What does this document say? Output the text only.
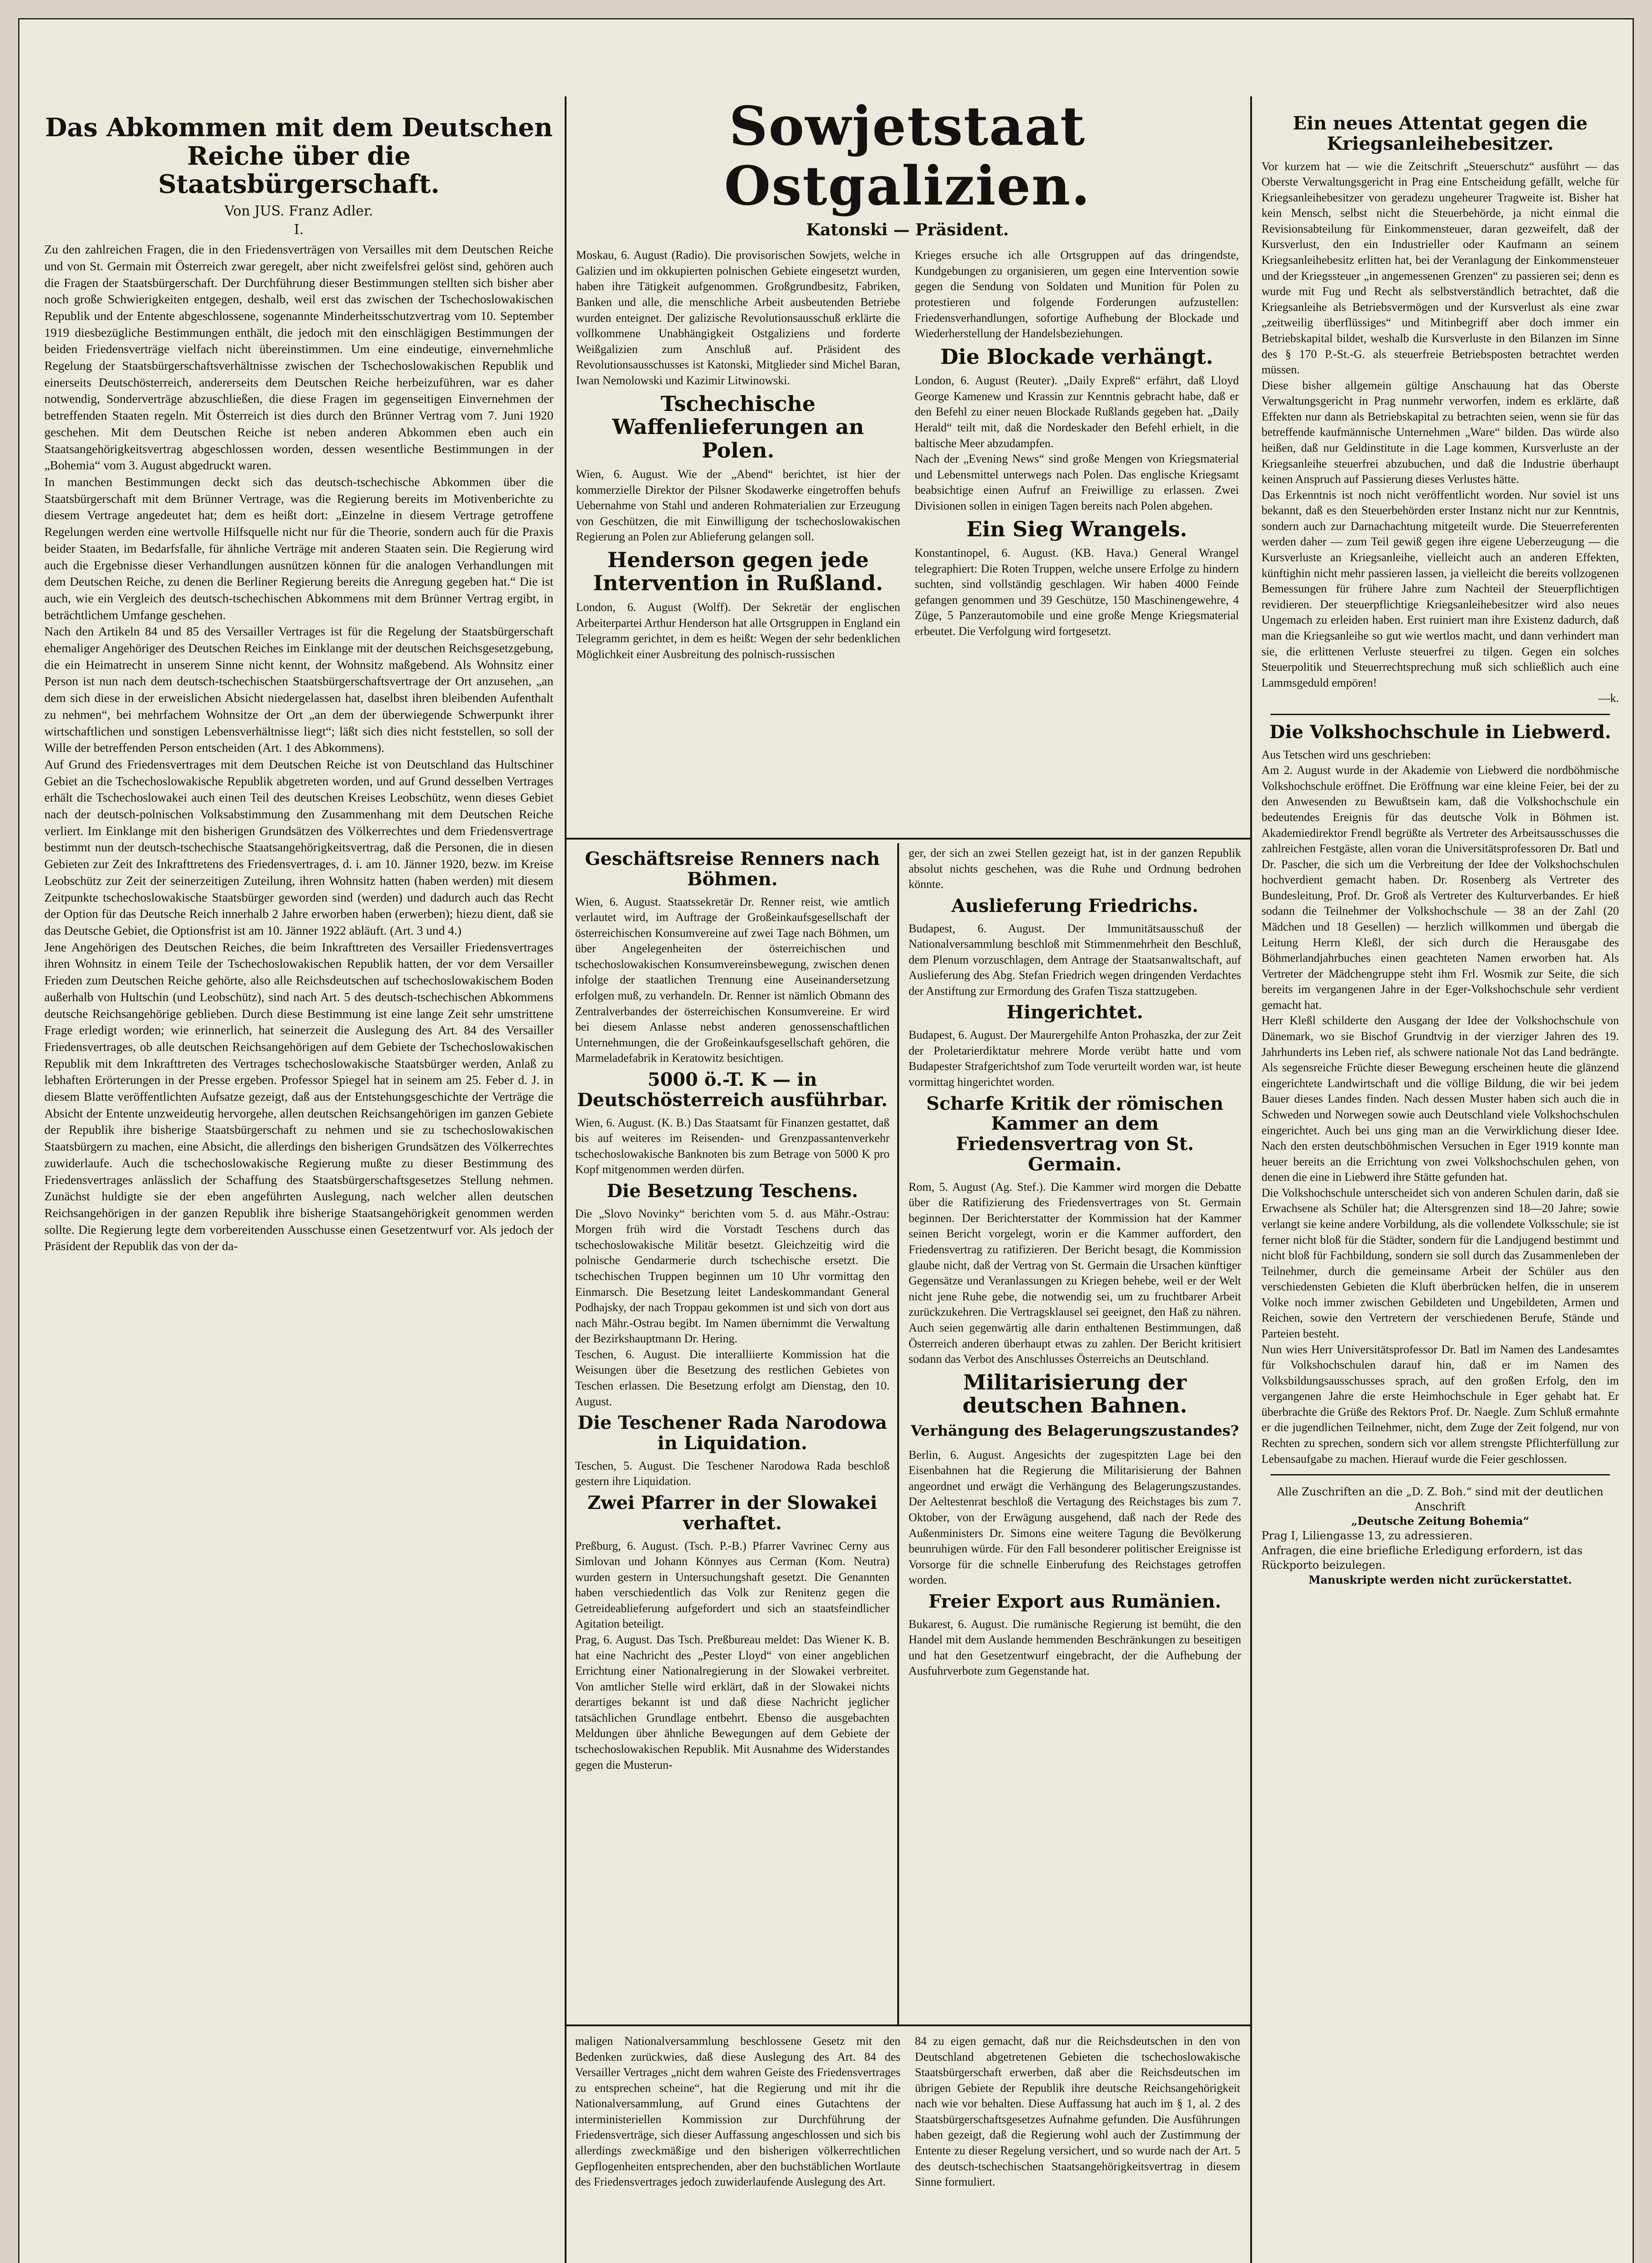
Das Abkommen mit dem Deutschen Reiche über die Staatsbürgerschaft.
Von JUS. Franz Adler.
I.

Zu den zahlreichen Fragen, die in den Friedensverträgen von Versailles mit dem Deutschen Reiche und von St. Germain mit Österreich zwar geregelt, aber nicht zweifelsfrei gelöst sind, gehören auch die Fragen der Staatsbürgerschaft. Der Durchführung dieser Bestimmungen stellten sich bisher aber noch große Schwierigkeiten entgegen, deshalb, weil erst das zwischen der Tschechoslowakischen Republik und der Entente abgeschlossene, sogenannte Minderheitsschutzvertrag vom 10. September 1919 diesbezügliche Bestimmungen enthält, die jedoch mit den einschlägigen Bestimmungen der beiden Friedensverträge vielfach nicht übereinstimmen. Um eine eindeutige, einvernehmliche Regelung der Staatsbürgerschaftsverhältnisse zwischen der Tschechoslowakischen Republik und einerseits Deutschösterreich, andererseits dem Deutschen Reiche herbeizuführen, war es daher notwendig, Sonderverträge abzuschließen, die diese Fragen im gegenseitigen Einvernehmen der betreffenden Staaten regeln. Mit Österreich ist dies durch den Brünner Vertrag vom 7. Juni 1920 geschehen. Mit dem Deutschen Reiche ist neben anderen Abkommen eben auch ein Staatsangehörigkeitsvertrag abgeschlossen worden, dessen wesentliche Bestimmungen in der „Bohemia“ vom 3. August abgedruckt waren.

In manchen Bestimmungen deckt sich das deutsch-tschechische Abkommen über die Staatsbürgerschaft mit dem Brünner Vertrage, was die Regierung bereits im Motivenberichte zu diesem Vertrage angedeutet hat; dem es heißt dort: „Einzelne in diesem Vertrage getroffene Regelungen werden eine wertvolle Hilfsquelle nicht nur für die Theorie, sondern auch für die Praxis beider Staaten, im Bedarfsfalle, für ähnliche Verträge mit anderen Staaten sein. Die Regierung wird auch die Ergebnisse dieser Verhandlungen ausnützen können für die analogen Verhandlungen mit dem Deutschen Reiche, zu denen die Berliner Regierung bereits die Anregung gegeben hat.“ Die ist auch, wie ein Vergleich des deutsch-tschechischen Abkommens mit dem Brünner Vertrag ergibt, in beträchtlichem Umfange geschehen.

Nach den Artikeln 84 und 85 des Versailler Vertrages ist für die Regelung der Staatsbürgerschaft ehemaliger Angehöriger des Deutschen Reiches im Einklange mit der deutschen Reichsgesetzgebung, die ein Heimatrecht in unserem Sinne nicht kennt, der Wohnsitz maßgebend. Als Wohnsitz einer Person ist nun nach dem deutsch-tschechischen Staatsbürgerschaftsvertrage der Ort anzusehen, „an dem sich diese in der erweislichen Absicht niedergelassen hat, daselbst ihren bleibenden Aufenthalt zu nehmen“, bei mehrfachem Wohnsitze der Ort „an dem der überwiegende Schwerpunkt ihrer wirtschaftlichen und sonstigen Lebensverhältnisse liegt“; läßt sich dies nicht feststellen, so soll der Wille der betreffenden Person entscheiden (Art. 1 des Abkommens).

Auf Grund des Friedensvertrages mit dem Deutschen Reiche ist von Deutschland das Hultschiner Gebiet an die Tschechoslowakische Republik abgetreten worden, und auf Grund desselben Vertrages erhält die Tschechoslowakei auch einen Teil des deutschen Kreises Leobschütz, wenn dieses Gebiet nach der deutsch-polnischen Volksabstimmung den Zusammenhang mit dem Deutschen Reiche verliert. Im Einklange mit den bisherigen Grundsätzen des Völkerrechtes und dem Friedensvertrage bestimmt nun der deutsch-tschechische Staatsangehörigkeitsvertrag, daß die Personen, die in diesen Gebieten zur Zeit des Inkrafttretens des Friedensvertrages, d. i. am 10. Jänner 1920, bezw. im Kreise Leobschütz zur Zeit der seinerzeitigen Zuteilung, ihren Wohnsitz hatten (haben werden) mit diesem Zeitpunkte tschechoslowakische Staatsbürger geworden sind (werden) und dadurch auch das Recht der Option für das Deutsche Reich innerhalb 2 Jahre erworben haben (erwerben); hiezu dient, daß sie das Deutsche Gebiet, die Optionsfrist ist am 10. Jänner 1922 abläuft. (Art. 3 und 4.)

Jene Angehörigen des Deutschen Reiches, die beim Inkrafttreten des Versailler Friedensvertrages ihren Wohnsitz in einem Teile der Tschechoslowakischen Republik hatten, der vor dem Versailler Frieden zum Deutschen Reiche gehörte, also alle Reichsdeutschen auf tschechoslowakischem Boden außerhalb von Hultschin (und Leobschütz), sind nach Art. 5 des deutsch-tschechischen Abkommens deutsche Reichsangehörige geblieben. Durch diese Bestimmung ist eine lange Zeit sehr umstrittene Frage erledigt worden; wie erinnerlich, hat seinerzeit die Auslegung des Art. 84 des Versailler Friedensvertrages, ob alle deutschen Reichsangehörigen auf dem Gebiete der Tschechoslowakischen Republik mit dem Inkrafttreten des Vertrages tschechoslowakische Staatsbürger werden, Anlaß zu lebhaften Erörterungen in der Presse ergeben. Professor Spiegel hat in seinem am 25. Feber d. J. in diesem Blatte veröffentlichten Aufsatze gezeigt, daß aus der Entstehungsgeschichte der Verträge die Absicht der Entente unzweideutig hervorgehe, allen deutschen Reichsangehörigen im ganzen Gebiete der Republik ihre bisherige Staatsbürgerschaft zu nehmen und sie zu tschechoslowakischen Staatsbürgern zu machen, eine Absicht, die allerdings den bisherigen Grundsätzen des Völkerrechtes zuwiderlaufe. Auch die tschechoslowakische Regierung mußte zu dieser Bestimmung des Friedensvertrages anlässlich der Schaffung des Staatsbürgerschaftsgesetzes Stellung nehmen. Zunächst huldigte sie der eben angeführten Auslegung, nach welcher allen deutschen Reichsangehörigen in der ganzen Republik ihre bisherige Staatsangehörigkeit genommen werden sollte. Die Regierung legte dem vorbereitenden Ausschusse einen Gesetzentwurf vor. Als jedoch der Präsident der Republik das von der da-

Sowjetstaat Ostgalizien.
Katonski — Präsident.

Moskau, 6. August (Radio). Die provisorischen Sowjets, welche in Galizien und im okkupierten polnischen Gebiete eingesetzt wurden, haben ihre Tätigkeit aufgenommen. Großgrundbesitz, Fabriken, Banken und alle, die menschliche Arbeit ausbeutenden Betriebe wurden enteignet. Der galizische Revolutionsausschuß erklärte die vollkommene Unabhängigkeit Ostgaliziens und forderte Weißgalizien zum Anschluß auf. Präsident des Revolutionsausschusses ist Katonski, Mitglieder sind Michel Baran, Iwan Nemolowski und Kazimir Litwinowski.

Tschechische Waffenlieferungen an Polen.

Wien, 6. August. Wie der „Abend“ berichtet, ist hier der kommerzielle Direktor der Pilsner Skodawerke eingetroffen behufs Uebernahme von Stahl und anderen Rohmaterialien zur Erzeugung von Geschützen, die mit Einwilligung der tschechoslowakischen Regierung an Polen zur Ablieferung gelangen soll.

Henderson gegen jede Intervention in Rußland.

London, 6. August (Wolff). Der Sekretär der englischen Arbeiterpartei Arthur Henderson hat alle Ortsgruppen in England ein Telegramm gerichtet, in dem es heißt: Wegen der sehr bedenklichen Möglichkeit einer Ausbreitung des polnisch-russischen

Krieges ersuche ich alle Ortsgruppen auf das dringendste, Kundgebungen zu organisieren, um gegen eine Intervention sowie gegen die Sendung von Soldaten und Munition für Polen zu protestieren und folgende Forderungen aufzustellen: Friedensverhandlungen, sofortige Aufhebung der Blockade und Wiederherstellung der Handelsbeziehungen.

Die Blockade verhängt.

London, 6. August (Reuter). „Daily Expreß“ erfährt, daß Lloyd George Kamenew und Krassin zur Kenntnis gebracht habe, daß er den Befehl zu einer neuen Blockade Rußlands gegeben hat. „Daily Herald“ teilt mit, daß die Nordeskader den Befehl erhielt, in die baltische Meer abzudampfen.

Nach der „Evening News“ sind große Mengen von Kriegsmaterial und Lebensmittel unterwegs nach Polen. Das englische Kriegsamt beabsichtige einen Aufruf an Freiwillige zu erlassen. Zwei Divisionen sollen in einigen Tagen bereits nach Polen abgehen.

Ein Sieg Wrangels.

Konstantinopel, 6. August. (KB. Hava.) General Wrangel telegraphiert: Die Roten Truppen, welche unsere Erfolge zu hindern suchten, sind vollständig geschlagen. Wir haben 4000 Feinde gefangen genommen und 39 Geschütze, 150 Maschinengewehre, 4 Züge, 5 Panzerautomobile und eine große Menge Kriegsmaterial erbeutet. Die Verfolgung wird fortgesetzt.

Geschäftsreise Renners nach Böhmen.

Wien, 6. August. Staatssekretär Dr. Renner reist, wie amtlich verlautet wird, im Auftrage der Großeinkaufsgesellschaft der österreichischen Konsumvereine auf zwei Tage nach Böhmen, um über Angelegenheiten der österreichischen und tschechoslowakischen Konsumvereinsbewegung, zwischen denen infolge der staatlichen Trennung eine Auseinandersetzung erfolgen muß, zu verhandeln. Dr. Renner ist nämlich Obmann des Zentralverbandes der österreichischen Konsumvereine. Er wird bei diesem Anlasse nebst anderen genossenschaftlichen Unternehmungen, die der Großeinkaufsgesellschaft gehören, die Marmeladefabrik in Keratowitz besichtigen.

5000 ö.-T. K — in Deutschösterreich ausführbar.

Wien, 6. August. (K. B.) Das Staatsamt für Finanzen gestattet, daß bis auf weiteres im Reisenden- und Grenzpassantenverkehr tschechoslowakische Banknoten bis zum Betrage von 5000 K pro Kopf mitgenommen werden dürfen.

Die Besetzung Teschens.

Die „Slovo Novinky“ berichten vom 5. d. aus Mähr.-Ostrau: Morgen früh wird die Vorstadt Teschens durch das tschechoslowakische Militär besetzt. Gleichzeitig wird die polnische Gendarmerie durch tschechische ersetzt. Die tschechischen Truppen beginnen um 10 Uhr vormittag den Einmarsch. Die Besetzung leitet Landeskommandant General Podhajsky, der nach Troppau gekommen ist und sich von dort aus nach Mähr.-Ostrau begibt. Im Namen übernimmt die Verwaltung der Bezirkshauptmann Dr. Hering.

Teschen, 6. August. Die interalliierte Kommission hat die Weisungen über die Besetzung des restlichen Gebietes von Teschen erlassen. Die Besetzung erfolgt am Dienstag, den 10. August.

Die Teschener Rada Narodowa in Liquidation.

Teschen, 5. August. Die Teschener Narodowa Rada beschloß gestern ihre Liquidation.

Zwei Pfarrer in der Slowakei verhaftet.

Preßburg, 6. August. (Tsch. P.-B.) Pfarrer Vavrinec Cerny aus Simlovan und Johann Könnyes aus Cerman (Kom. Neutra) wurden gestern in Untersuchungshaft gesetzt. Die Genannten haben verschiedentlich das Volk zur Renitenz gegen die Getreideablieferung aufgefordert und sich an staatsfeindlicher Agitation beteiligt.

Prag, 6. August. Das Tsch. Preßbureau meldet: Das Wiener K. B. hat eine Nachricht des „Pester Lloyd“ von einer angeblichen Errichtung einer Nationalregierung in der Slowakei verbreitet. Von amtlicher Stelle wird erklärt, daß in der Slowakei nichts derartiges bekannt ist und daß diese Nachricht jeglicher tatsächlichen Grundlage entbehrt. Ebenso die ausgebachten Meldungen über ähnliche Bewegungen auf dem Gebiete der tschechoslowakischen Republik. Mit Ausnahme des Widerstandes gegen die Musterun-

ger, der sich an zwei Stellen gezeigt hat, ist in der ganzen Republik absolut nichts geschehen, was die Ruhe und Ordnung bedrohen könnte.

Auslieferung Friedrichs.

Budapest, 6. August. Der Immunitätsausschuß der Nationalversammlung beschloß mit Stimmenmehrheit den Beschluß, dem Plenum vorzuschlagen, dem Antrage der Staatsanwaltschaft, auf Auslieferung des Abg. Stefan Friedrich wegen dringenden Verdachtes der Anstiftung zur Ermordung des Grafen Tisza stattzugeben.

Hingerichtet.

Budapest, 6. August. Der Maurergehilfe Anton Prohaszka, der zur Zeit der Proletarierdiktatur mehrere Morde verübt hatte und vom Budapester Strafgerichtshof zum Tode verurteilt worden war, ist heute vormittag hingerichtet worden.

Scharfe Kritik der römischen Kammer an dem Friedensvertrag von St. Germain.

Rom, 5. August (Ag. Stef.). Die Kammer wird morgen die Debatte über die Ratifizierung des Friedensvertrages von St. Germain beginnen. Der Berichterstatter der Kommission hat der Kammer seinen Bericht vorgelegt, worin er die Kammer auffordert, den Friedensvertrag zu ratifizieren. Der Bericht besagt, die Kommission glaube nicht, daß der Vertrag von St. Germain die Ursachen künftiger Gegensätze und Veranlassungen zu Kriegen behebe, weil er der Welt nicht jene Ruhe gebe, die notwendig sei, um zu fruchtbarer Arbeit zurückzukehren. Die Vertragsklausel sei geeignet, den Haß zu nähren. Auch seien gegenwärtig alle darin enthaltenen Bestimmungen, daß Österreich anderen überhaupt etwas zu zahlen. Der Bericht kritisiert sodann das Verbot des Anschlusses Österreichs an Deutschland.

Militarisierung der deutschen Bahnen.
Verhängung des Belagerungszustandes?

Berlin, 6. August. Angesichts der zugespitzten Lage bei den Eisenbahnen hat die Regierung die Militarisierung der Bahnen angeordnet und erwägt die Verhängung des Belagerungszustandes. Der Aeltestenrat beschloß die Vertagung des Reichstages bis zum 7. Oktober, von der Erwägung ausgehend, daß nach der Rede des Außenministers Dr. Simons eine weitere Tagung die Bevölkerung beunruhigen würde. Für den Fall besonderer politischer Ereignisse ist Vorsorge für die schnelle Einberufung des Reichstages getroffen worden.

Freier Export aus Rumänien.

Bukarest, 6. August. Die rumänische Regierung ist bemüht, die den Handel mit dem Auslande hemmenden Beschränkungen zu beseitigen und hat den Gesetzentwurf eingebracht, der die Aufhebung der Ausfuhrverbote zum Gegenstande hat.

maligen Nationalversammlung beschlossene Gesetz mit den Bedenken zurückwies, daß diese Auslegung des Art. 84 des Versailler Vertrages „nicht dem wahren Geiste des Friedensvertrages zu entsprechen scheine“, hat die Regierung und mit ihr die Nationalversammlung, auf Grund eines Gutachtens der interministeriellen Kommission zur Durchführung der Friedensverträge, sich dieser Auffassung angeschlossen und sich bis allerdings zweckmäßige und den bisherigen völkerrechtlichen Gepflogenheiten entsprechenden, aber den buchstäblichen Wortlaute des Friedensvertrages jedoch zuwiderlaufende Auslegung des Art.

84 zu eigen gemacht, daß nur die Reichsdeutschen in den von Deutschland abgetretenen Gebieten die tschechoslowakische Staatsbürgerschaft erwerben, daß aber die Reichsdeutschen im übrigen Gebiete der Republik ihre deutsche Reichsangehörigkeit nach wie vor behalten. Diese Auffassung hat auch im § 1, al. 2 des Staatsbürgerschaftsgesetzes Aufnahme gefunden. Die Ausführungen haben gezeigt, daß die Regierung wohl auch der Zustimmung der Entente zu dieser Regelung versichert, und so wurde nach der Art. 5 des deutsch-tschechischen Staatsangehörigkeitsvertrag in diesem Sinne formuliert.

Ein neues Attentat gegen die Kriegsanleihebesitzer.

Vor kurzem hat — wie die Zeitschrift „Steuerschutz“ ausführt — das Oberste Verwaltungsgericht in Prag eine Entscheidung gefällt, welche für Kriegsanleihebesitzer von geradezu ungeheurer Tragweite ist. Bisher hat kein Mensch, selbst nicht die Steuerbehörde, ja nicht einmal die Revisionsabteilung für Einkommensteuer, daran gezweifelt, daß der Kursverlust, den ein Industrieller oder Kaufmann an seinem Kriegsanleihebesitz erlitten hat, bei der Veranlagung der Einkommensteuer und der Kriegssteuer „in angemessenen Grenzen“ zu passieren sei; denn es wurde mit Fug und Recht als selbstverständlich betrachtet, daß die Kriegsanleihe als Betriebsvermögen und der Kursverlust als eine zwar „zeitweilig überflüssiges“ und Mitinbegriff aber doch immer ein Betriebskapital bildet, weshalb die Kursverluste in den Bilanzen im Sinne des § 170 P.-St.-G. als steuerfreie Betriebsposten betrachtet werden müssen.

Diese bisher allgemein gültige Anschauung hat das Oberste Verwaltungsgericht in Prag nunmehr verworfen, indem es erklärte, daß Effekten nur dann als Betriebskapital zu betrachten seien, wenn sie für das betreffende kaufmännische Unternehmen „Ware“ bilden. Das würde also heißen, daß nur Geldinstitute in die Lage kommen, Kursverluste an der Kriegsanleihe steuerfrei abzubuchen, und daß die Industrie überhaupt keinen Anspruch auf Passierung dieses Verlustes hätte.

Das Erkenntnis ist noch nicht veröffentlicht worden. Nur soviel ist uns bekannt, daß es den Steuerbehörden erster Instanz nicht nur zur Kenntnis, sondern auch zur Darnachachtung mitgeteilt wurde. Die Steuerreferenten werden daher — zum Teil gewiß gegen ihre eigene Ueberzeugung — die Kursverluste an Kriegsanleihe, vielleicht auch an anderen Effekten, künftighin nicht mehr passieren lassen, ja vielleicht die bereits vollzogenen Bemessungen für frühere Jahre zum Nachteil der Steuerpflichtigen revidieren. Der steuerpflichtige Kriegsanleihebesitzer wird also neues Ungemach zu erleiden haben. Erst ruiniert man ihre Existenz dadurch, daß man die Kriegsanleihe so gut wie wertlos macht, und dann verhindert man sie, die erlittenen Verluste steuerfrei zu tilgen. Gegen ein solches Steuerpolitik und Steuerrechtsprechung muß sich schließlich auch eine Lammsgeduld empören!

—k.
Die Volkshochschule in Liebwerd.

Aus Tetschen wird uns geschrieben:

Am 2. August wurde in der Akademie von Liebwerd die nordböhmische Volkshochschule eröffnet. Die Eröffnung war eine kleine Feier, bei der zu den Anwesenden zu Bewußtsein kam, daß die Volkshochschule ein bedeutendes Ereignis für das deutsche Volk in Böhmen ist. Akademiedirektor Frendl begrüßte als Vertreter des Arbeitsausschusses die zahlreichen Festgäste, allen voran die Universitätsprofessoren Dr. Batl und Dr. Pascher, die sich um die Verbreitung der Idee der Volkshochschulen hochverdient gemacht haben. Dr. Rosenberg als Vertreter des Bundesleitung, Prof. Dr. Groß als Vertreter des Kulturverbandes. Er hieß sodann die Teilnehmer der Volkshochschule — 38 an der Zahl (20 Mädchen und 18 Gesellen) — herzlich willkommen und übergab die Leitung Herrn Kleßl, der sich durch die Herausgabe des Böhmerlandjahrbuches einen geachteten Namen erworben hat. Als Vertreter der Mädchengruppe steht ihm Frl. Wosmik zur Seite, die sich bereits im vergangenen Jahre in der Eger-Volkshochschule sehr verdient gemacht hat.

Herr Kleßl schilderte den Ausgang der Idee der Volkshochschule von Dänemark, wo sie Bischof Grundtvig in der vierziger Jahren des 19. Jahrhunderts ins Leben rief, als schwere nationale Not das Land bedrängte. Als segensreiche Früchte dieser Bewegung erscheinen heute die glänzend eingerichtete Landwirtschaft und die völlige Bildung, die wir bei jedem Bauer dieses Landes finden. Nach dessen Muster haben sich auch die in Schweden und Norwegen sowie auch Deutschland viele Volkshochschulen eingerichtet. Auch bei uns ging man an die Verwirklichung dieser Idee. Nach den ersten deutschböhmischen Versuchen in Eger 1919 konnte man heuer bereits an die Errichtung von zwei Volkshochschulen gehen, von denen die eine in Liebwerd ihre Stätte gefunden hat.

Die Volkshochschule unterscheidet sich von anderen Schulen darin, daß sie Erwachsene als Schüler hat; die Altersgrenzen sind 18—20 Jahre; sowie verlangt sie keine andere Vorbildung, als die vollendete Volksschule; sie ist ferner nicht bloß für die Städter, sondern für die Landjugend bestimmt und nicht bloß für Fachbildung, sondern sie soll durch das Zusammenleben der Teilnehmer, durch die gemeinsame Arbeit der Schüler aus den verschiedensten Gebieten die Kluft überbrücken helfen, die in unserem Volke noch immer zwischen Gebildeten und Ungebildeten, Armen und Reichen, sowie den Vertretern der verschiedenen Berufe, Stände und Parteien besteht.

Nun wies Herr Universitätsprofessor Dr. Batl im Namen des Landesamtes für Volkshochschulen darauf hin, daß er im Namen des Volksbildungsausschusses sprach, auf den großen Erfolg, den im vergangenen Jahre die erste Heimhochschule in Eger gehabt hat. Er überbrachte die Grüße des Rektors Prof. Dr. Naegle. Zum Schluß ermahnte er die jugendlichen Teilnehmer, nicht, dem Zuge der Zeit folgend, nur von Rechten zu sprechen, sondern sich vor allem strengste Pflichterfüllung zur Lebensaufgabe zu machen. Hierauf wurde die Feier geschlossen.

Alle Zuschriften an die „D. Z. Boh.“ sind mit der deutlichen Anschrift
„Deutsche Zeitung Bohemia“
Prag I, Liliengasse 13, zu adressieren.
Anfragen, die eine briefliche Erledigung erfordern, ist das Rückporto beizulegen.
Manuskripte werden nicht zurückerstattet.
